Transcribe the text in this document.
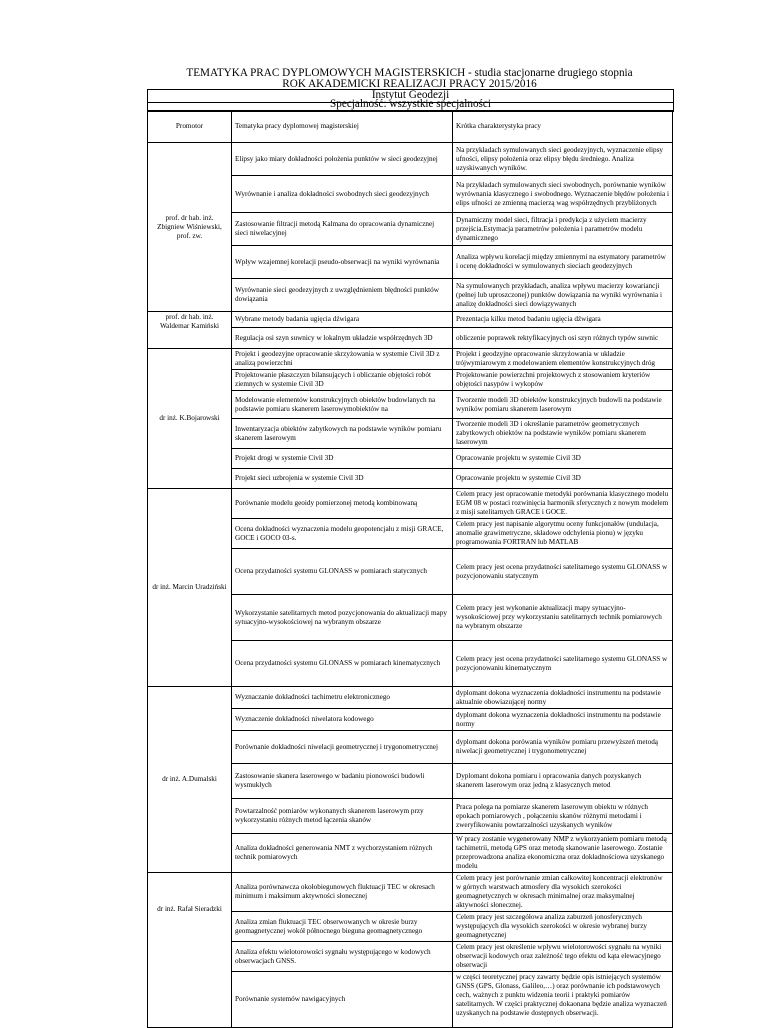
TEMATYKA PRAC DYPLOMOWYCH MAGISTERSKICH - studia stacjonarne drugiego stopnia
ROK AKADEMICKI REALIZACJI PRACY 2015/2016
Instytut Geodezji
Specjalność: wszystkie specjalności
Promotor	Tematyka pracy dyplomowej magisterskiej	Krótka charakterystyka pracy
prof. dr hab. inż. Zbigniew Wiśniewski, prof. zw.	Elipsy jako miary dokładności położenia punktów w sieci geodezyjnej	Na przykładach symulowanych sieci geodezyjnych, wyznaczenie elipsy ufności, elipsy położenia oraz elipsy błędu średniego. Analiza uzyskiwanych wyników.
	Wyrównanie i analiza dokładności swobodnych sieci geodezyjnych	Na przykładach symulowanych sieci swobodnych, porównanie wyników wyrównania klasycznego i swobodnego. Wyznaczenie błędów położenia i elips ufności ze zmienną macierzą wag współrzędnych przybliżonych
	Zastosowanie filtracji metodą Kalmana do opracowania dynamicznej sieci niwelacyjnej	Dynamiczny model sieci, filtracja i predykcja z użyciem macierzy przejścia.Estymacja parametrów położenia i parametrów modelu dynamicznego
	Wpływ wzajemnej korelacji pseudo-obserwacji na wyniki wyrównania	Analiza wpływu korelacji między zmiennymi na estymatory parametrów i ocenę dokładności w symulowanych sieciach geodezyjnych
	Wyrównanie sieci geodezyjnych z uwzględnieniem błędności punktów dowiązania	Na symulowanych przykładach, analiza wpływu macierzy kowariancji (pełnej lub uproszczonej) punktów dowiązania na wyniki wyrównania i analizę dokładności sieci dowiązywanych
prof. dr hab. inż. Waldemar Kamiński	Wybrane metody badania ugięcia dźwigara	Prezentacja kilku metod badaniu ugięcia dźwigara
	Regulacja osi szyn suwnicy w lokalnym układzie współrzędnych 3D	obliczenie poprawek rektyfikacyjnych osi szyn różnych typów suwnic
dr inż. K.Bojarowski	Projekt i geodezyjne opracowanie skrzyżowania w systemie Civil 3D z analizą powierzchni	Projekt i geodzyjne opracowanie skrzyżowania w układzie trójwymiarowym z modelowaniem elementów konstrukcyjnych dróg
	Projektowanie płaszczyzn bilansujących i obliczanie objętości robót ziemnych w systemie Civil 3D	Projektowanie powierzchni projektowych z stosowaniem kryteriów objętości nasypów i wykopów
	Modelowanie elementów konstrukcyjnych obiektów budowlanych na podstawie pomiaru skanerem laserowymobiektów na	Tworzenie modeli 3D obiektów konstrukcyjnych budowli na podstawie wyników pomiaru skanerem laserowym
	Inwentaryzacja obiektów zabytkowych na podstawie wyników pomiaru skanerem laserowym	Tworzenie modeli 3D i określanie parametrów geometrycznych zabytkowych obiektów na podstawie wyników pomiaru skanerem laserowym
	Projekt drogi w systemie Civil 3D	Opracowanie projektu w systemie Civil 3D
	Projekt sieci uzbrojenia w systemie Civil 3D	Opracowanie projektu w systemie Civil 3D
dr inż. Marcin Uradziński	Porównanie modelu geoidy pomierzonej metodą kombinowaną	Celem pracy jest opracowanie metodyki porównania klasycznego modelu EGM 08 w postaci rozwinięcia harmonik sferycznych z nowym modelem z misji satelitarnych GRACE i GOCE.
	Ocena dokładności wyznaczenia modelu geopotencjału z misji GRACE, GOCE i GOCO 03-s.	Celem pracy jest napisanie algorytmu oceny funkcjonałów (undulacja, anomalie grawimetryczne, składowe odchylenia pionu) w języku programowania FORTRAN lub MATLAB
	Ocena przydatności systemu GLONASS w pomiarach statycznych	Celem pracy jest ocena przydatności satelitarnego systemu GLONASS w pozycjonowaniu statycznym
	Wykorzystanie satelitarnych metod pozycjonowania do aktualizacji mapy sytuacyjno-wysokościowej na wybranym obszarze	Celem pracy jest wykonanie aktualizacji mapy sytuacyjno-wysokościowej przy wykorzystaniu satelitarnych technik pomiarowych na wybranym obszarze
	Ocena przydatności systemu GLONASS w pomiarach kinematycznych	Celem pracy jest ocena przydatności satelitarnego systemu GLONASS w pozycjonowaniu kinematycznym
dr inż. A.Dumalski	Wyznaczanie dokładności tachimetru elektronicznego	dyplomant dokona wyznaczenia dokładności instrumentu na podstawie aktualnie obowiazującej normy
	Wyznaczenie dokładności niwelatora kodowego	dyplomant dokona wyznaczenia dokładności instrumentu na podstawie normy
	Porównanie dokładności niwelacji geometrycznej i trygonometrycznej	dyplomant dokona porówania wyników pomiaru przewyższeń metodą niwelacji geometrycznej i trygonometrycznej
	Zastosowanie skanera laserowego w badaniu pionowości budowli wysmukłych	Dyplomant dokona pomiaru i opracowania danych pozyskanych skanerem laserowym oraz jedną z klasycznych metod
	Powtarzalność pomiarów wykonanych skanerem laserowym przy wykorzystaniu różnych metod łączenia skanów	Praca polega na pomiarze skanerem laserowym obiektu w różnych epokach pomiarowych , połączeniu skanów różnymi metodami i zweryfikowaniu powtarzalności uzyskanych wyników
	Analiza dokładności generowania NMT z wychorzystaniem różnych technik pomiarowych	W pracy zostanie wygenerowany NMP z wykorzyaniem pomiaru metodą tachimetrii, metodą GPS oraz metodą skanowanie laserowego. Zostanie przeprowadzona analiza ekonomiczna oraz dokładnościowa uzyskanego modelu
dr inż. Rafał Sieradzki	Analiza porównawcza okołobiegunowych fluktuacji TEC w okresach minimum i maksimum aktywności słonecznej	Celem pracy jest porównanie zmian całkowitej koncentracji elektronów w górnych warstwach atmosfery dla wysokich szerokości geomagnetycznych w okresach minimalnej oraz maksymalnej aktywności słonecznej.
	Analiza zmian fluktuacji TEC obserwowanych w okresie burzy geomagnetycznej wokół północnego bieguna geomagnetycznego	Celem pracy jest szczegółowa analiza zaburzeń jonosferycznych występujących dla wysokich szerokości w okresie wybranej burzy geomagnetycznej
	Analiza efektu wielotorowości sygnału występującego w kodowych obserwacjach GNSS.	Celem pracy jest określenie wpływu wielotorowości sygnału na wyniki obserwacji kodowych oraz zależność tego efektu od kąta elewacyjnego obserwacji
	Porównanie systemów nawigacyjnych	w części teoretycznej pracy zawarty będzie opis istniejących systemów GNSS (GPS, Glonass, Galileo,…) oraz porównanie ich podstawowych cech, ważnych z punktu widzenia teorii i praktyki pomiarów satelitarnych. W części praktycznej dokaonana będzie analiza wyznaczeń uzyskanych na podstawie dostępnych obserwacji.
